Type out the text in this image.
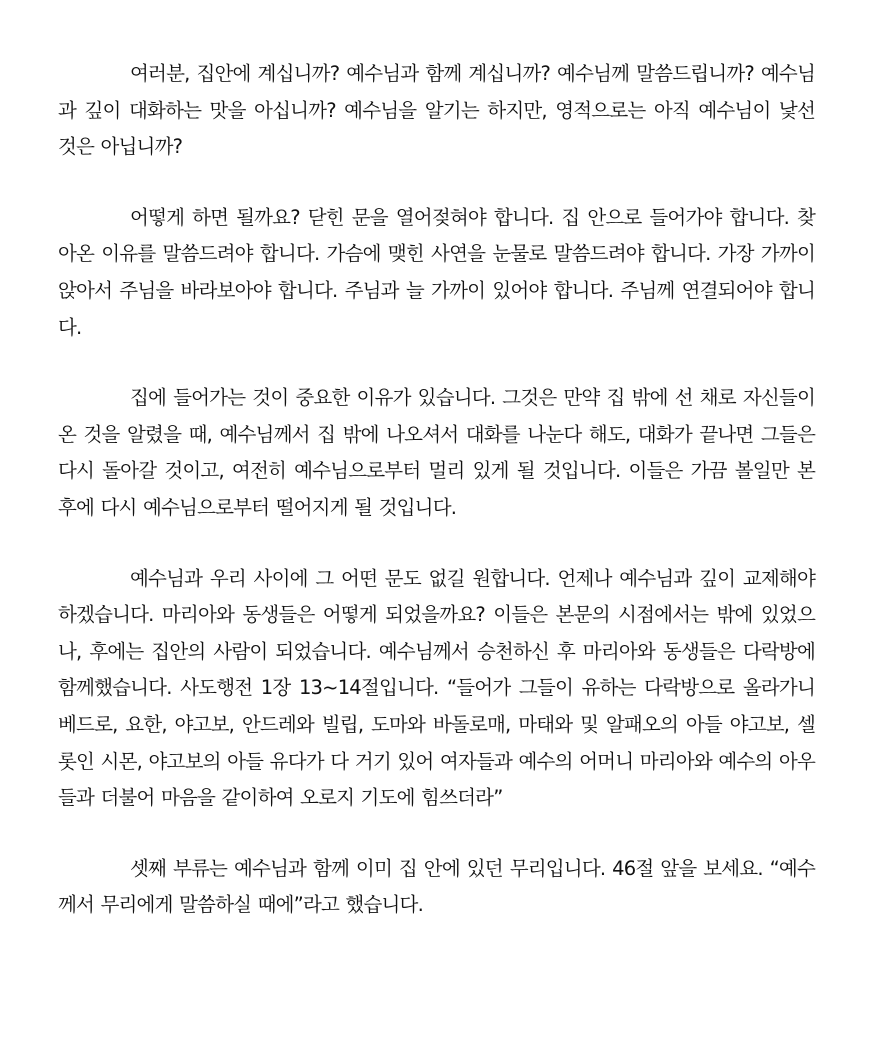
여러분, 집안에 계십니까? 예수님과 함께 계십니까? 예수님께 말씀드립니까? 예수님과 깊이 대화하는 맛을 아십니까? 예수님을 알기는 하지만, 영적으로는 아직 예수님이 낯선 것은 아닙니까?

어떻게 하면 될까요? 닫힌 문을 열어젖혀야 합니다. 집 안으로 들어가야 합니다. 찾아온 이유를 말씀드려야 합니다. 가슴에 맺힌 사연을 눈물로 말씀드려야 합니다. 가장 가까이 앉아서 주님을 바라보아야 합니다. 주님과 늘 가까이 있어야 합니다. 주님께 연결되어야 합니다.

집에 들어가는 것이 중요한 이유가 있습니다. 그것은 만약 집 밖에 선 채로 자신들이 온 것을 알렸을 때, 예수님께서 집 밖에 나오셔서 대화를 나눈다 해도, 대화가 끝나면 그들은 다시 돌아갈 것이고, 여전히 예수님으로부터 멀리 있게 될 것입니다. 이들은 가끔 볼일만 본 후에 다시 예수님으로부터 떨어지게 될 것입니다.

예수님과 우리 사이에 그 어떤 문도 없길 원합니다. 언제나 예수님과 깊이 교제해야 하겠습니다. 마리아와 동생들은 어떻게 되었을까요? 이들은 본문의 시점에서는 밖에 있었으나, 후에는 집안의 사람이 되었습니다. 예수님께서 승천하신 후 마리아와 동생들은 다락방에 함께했습니다. 사도행전 1장 13~14절입니다. “들어가 그들이 유하는 다락방으로 올라가니 베드로, 요한, 야고보, 안드레와 빌립, 도마와 바돌로매, 마태와 및 알패오의 아들 야고보, 셀롯인 시몬, 야고보의 아들 유다가 다 거기 있어 여자들과 예수의 어머니 마리아와 예수의 아우들과 더불어 마음을 같이하여 오로지 기도에 힘쓰더라”

셋째 부류는 예수님과 함께 이미 집 안에 있던 무리입니다. 46절 앞을 보세요. “예수께서 무리에게 말씀하실 때에”라고 했습니다.
